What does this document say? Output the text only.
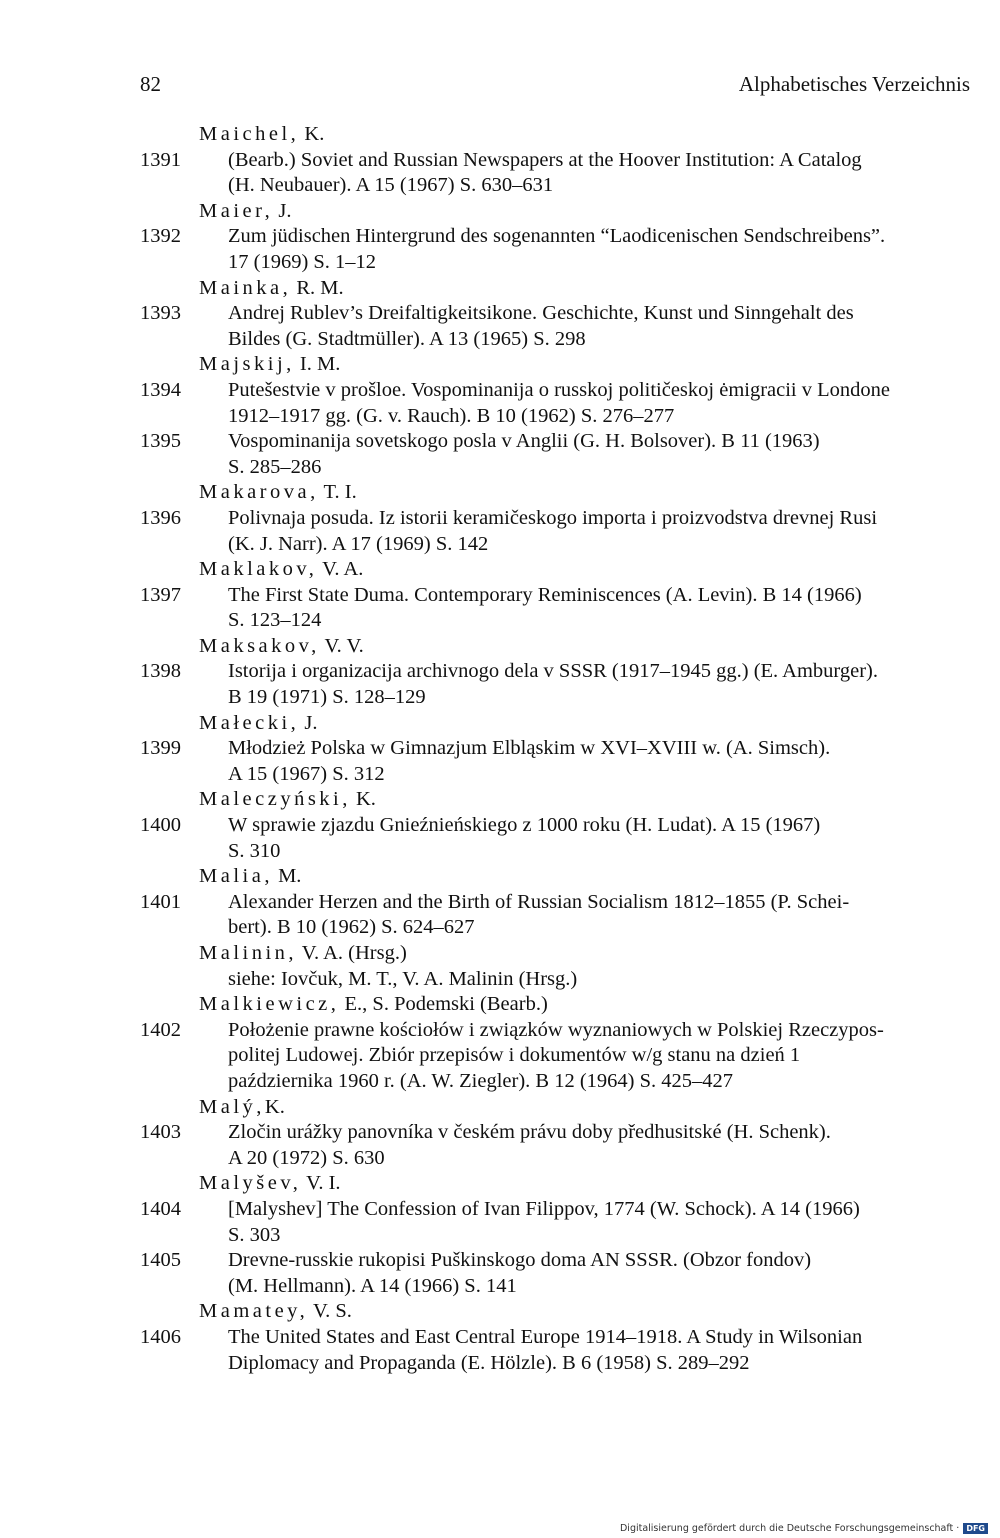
82	Alphabetisches Verzeichnis
Maichel, K.
1391 (Bearb.) Soviet and Russian Newspapers at the Hoover Institution: A Catalog
(H. Neubauer). A 15 (1967) S. 630–631
Maier, J.
1392 Zum jüdischen Hintergrund des sogenannten “Laodicenischen Sendschreibens”.
17 (1969) S. 1–12
Mainka, R. M.
1393 Andrej Rublev’s Dreifaltigkeitsikone. Geschichte, Kunst und Sinngehalt des
Bildes (G. Stadtmüller). A 13 (1965) S. 298
Majskij, I. M.
1394 Putešestvie v prošloe. Vospominanija o russkoj političeskoj ėmigracii v Londone
1912–1917 gg. (G. v. Rauch). B 10 (1962) S. 276–277
1395 Vospominanija sovetskogo posla v Anglii (G. H. Bolsover). B 11 (1963)
S. 285–286
Makarova, T. I.
1396 Polivnaja posuda. Iz istorii keramičeskogo importa i proizvodstva drevnej Rusi
(K. J. Narr). A 17 (1969) S. 142
Maklakov, V. A.
1397 The First State Duma. Contemporary Reminiscences (A. Levin). B 14 (1966)
S. 123–124
Maksakov, V. V.
1398 Istorija i organizacija archivnogo dela v SSSR (1917–1945 gg.) (E. Amburger).
B 19 (1971) S. 128–129
Małecki, J.
1399 Młodzież Polska w Gimnazjum Elbląskim w XVI–XVIII w. (A. Simsch).
A 15 (1967) S. 312
Maleczyński, K.
1400 W sprawie zjazdu Gnieźnieńskiego z 1000 roku (H. Ludat). A 15 (1967)
S. 310
Malia, M.
1401 Alexander Herzen and the Birth of Russian Socialism 1812–1855 (P. Schei-
bert). B 10 (1962) S. 624–627
Malinin, V. A. (Hrsg.)
siehe: Iovčuk, M. T., V. A. Malinin (Hrsg.)
Malkiewicz, E., S. Podemski (Bearb.)
1402 Położenie prawne kościołów i związków wyznaniowych w Polskiej Rzeczypos-
politej Ludowej. Zbiór przepisów i dokumentów w/g stanu na dzień 1
października 1960 r. (A. W. Ziegler). B 12 (1964) S. 425–427
Malý,K.
1403 Zločin urážky panovníka v českém právu doby předhusitské (H. Schenk).
A 20 (1972) S. 630
Malyšev, V. I.
1404 [Malyshev] The Confession of Ivan Filippov, 1774 (W. Schock). A 14 (1966)
S. 303
1405 Drevne-russkie rukopisi Puškinskogo doma AN SSSR. (Obzor fondov)
(M. Hellmann). A 14 (1966) S. 141
Mamatey, V. S.
1406 The United States and East Central Europe 1914–1918. A Study in Wilsonian
Diplomacy and Propaganda (E. Hölzle). B 6 (1958) S. 289–292
Digitalisierung gefördert durch die Deutsche Forschungsgemeinschaft · DFG
